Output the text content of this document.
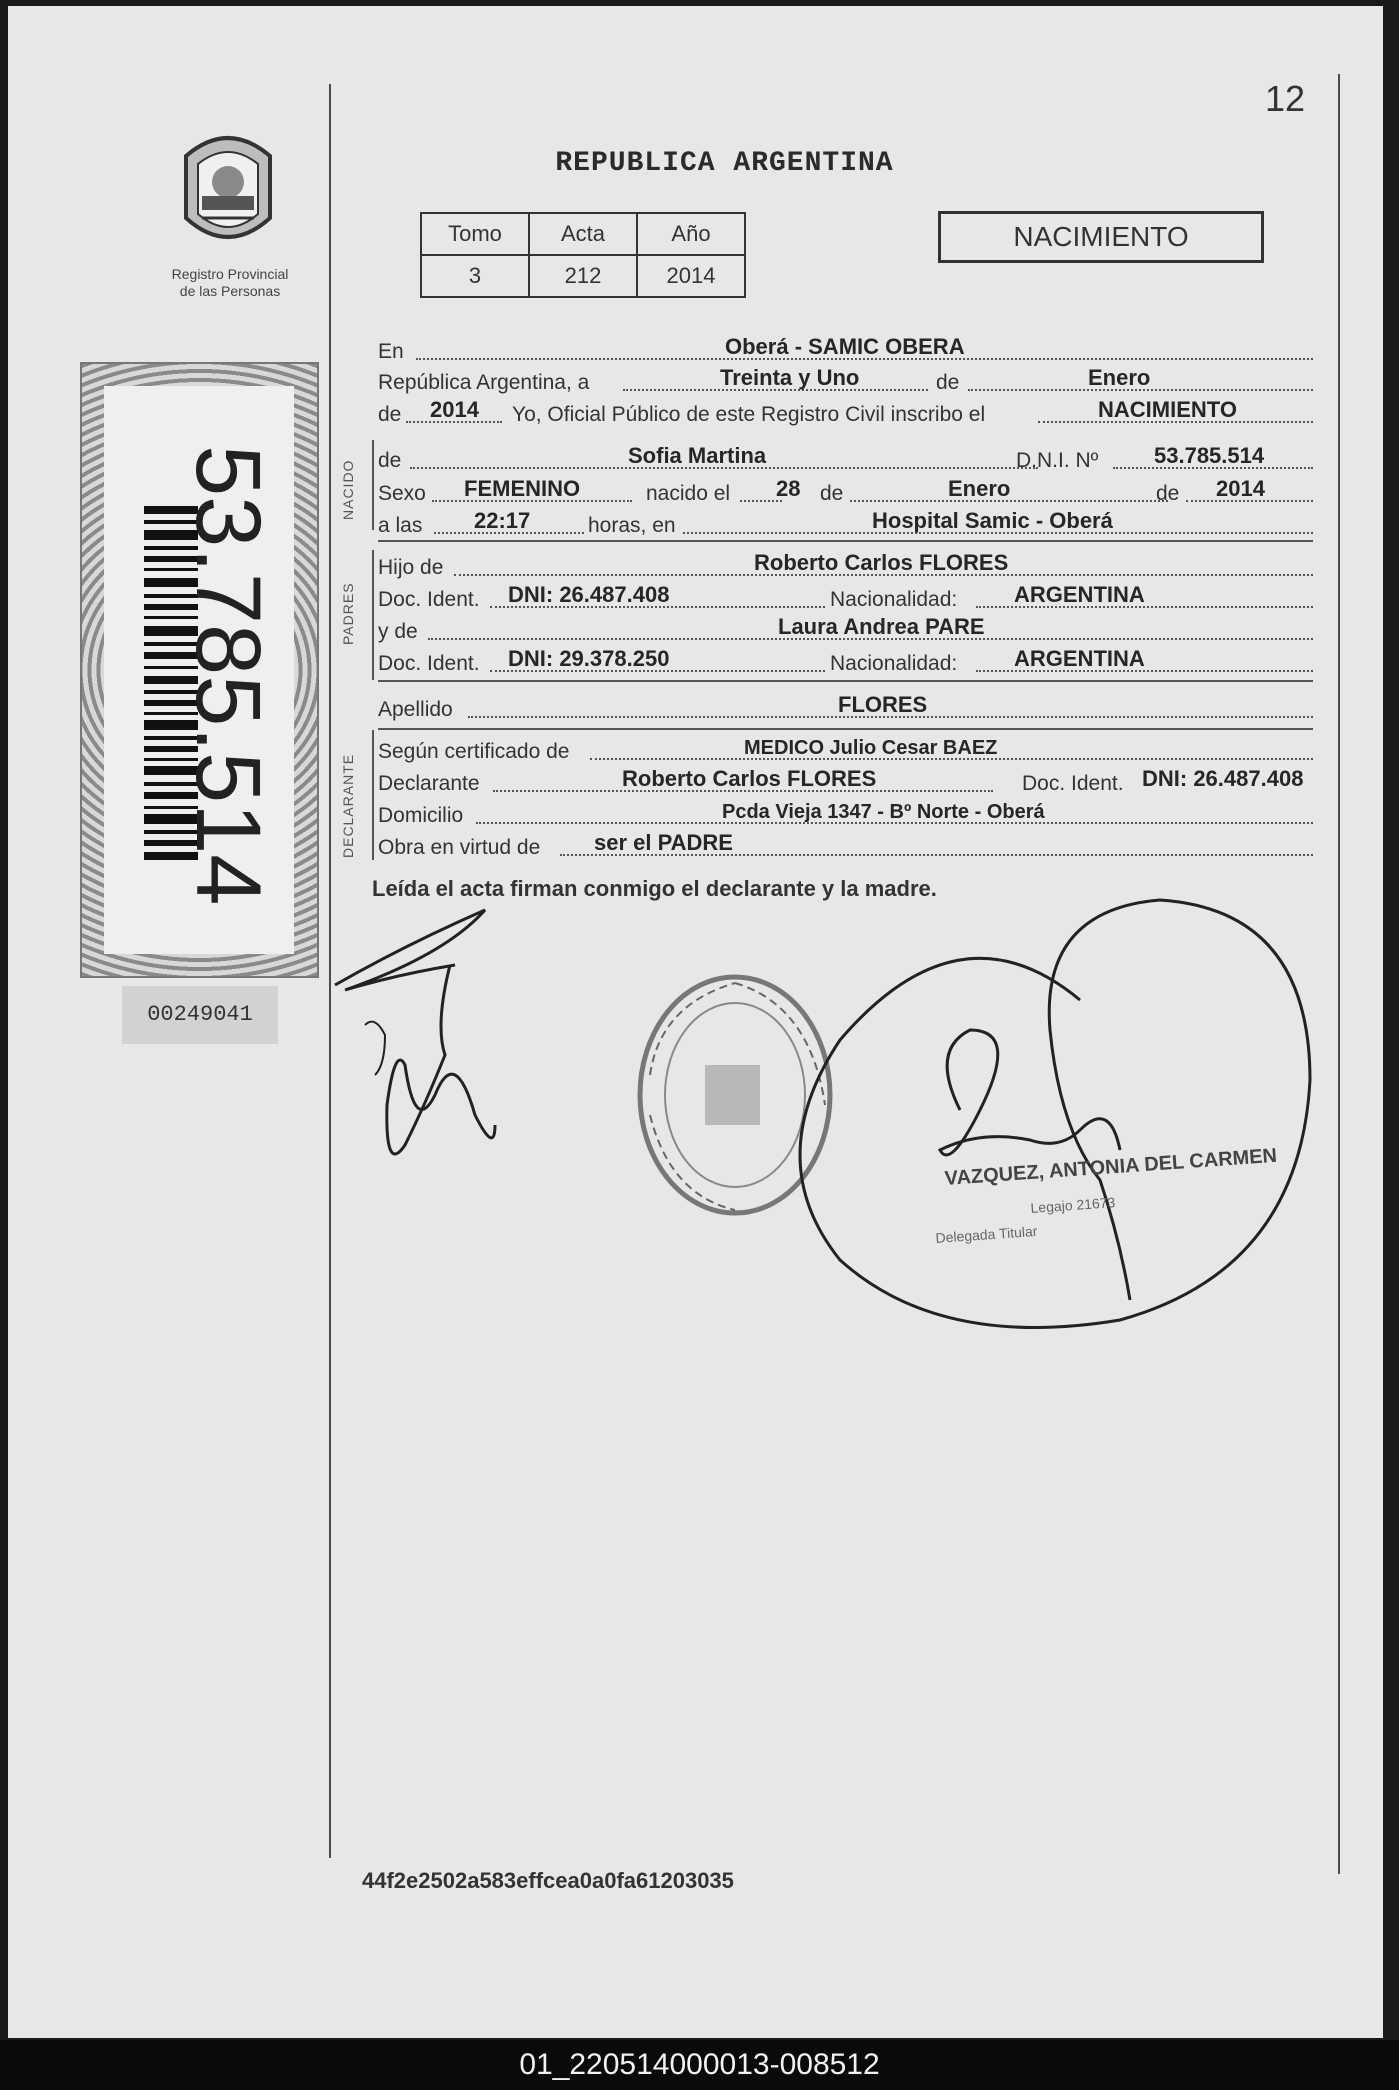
12
Registro Provincial
de las Personas
REPUBLICA ARGENTINA
Tomo	Acta	Año
3	212	2014
NACIMIENTO
53.785.514
00249041
NACIDO
PADRES
DECLARANTE
En	Oberá - SAMIC OBERA
República Argentina, a	Treinta y Uno	de	Enero
de 2014 Yo, Oficial Público de este Registro Civil inscribo el	NACIMIENTO
de	Sofia Martina	D.N.I. Nº	53.785.514
Sexo FEMENINO	nacido el 28 de	Enero	de 2014
a las 22:17	horas, en	Hospital Samic - Oberá
Hijo de	Roberto Carlos FLORES
Doc. Ident. DNI: 26.487.408	Nacionalidad:	ARGENTINA
y de	Laura Andrea PARE
Doc. Ident. DNI: 29.378.250	Nacionalidad:	ARGENTINA
Apellido	FLORES
Según certificado de	MEDICO Julio Cesar BAEZ
Declarante	Roberto Carlos FLORES	Doc. Ident. DNI: 26.487.408
Domicilio	Pcda Vieja 1347 - Bº Norte - Oberá
Obra en virtud de ser el PADRE
Leída el acta firman conmigo el declarante y la madre.
VAZQUEZ, ANTONIA DEL CARMEN
Legajo 21673
Delegada Titular
44f2e2502a583effcea0a0fa61203035
01_220514000013-008512
